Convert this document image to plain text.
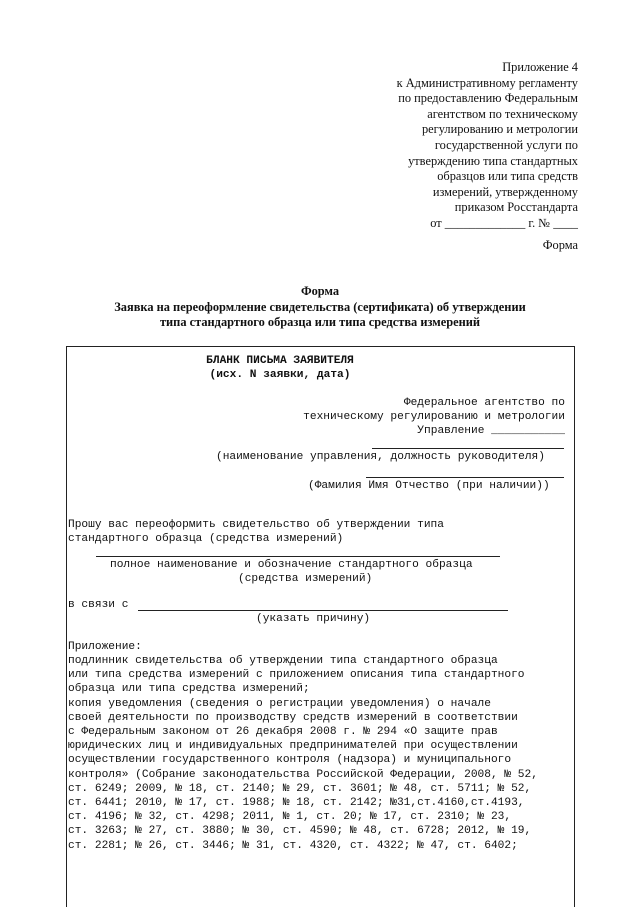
Приложение 4
к Административному регламенту
по предоставлению Федеральным
агентством по техническому
регулированию и метрологии
государственной услуги по
утверждению типа стандартных
образцов или типа средств
измерений, утвержденному
приказом Росстандарта
от _____________ г. № ____
Форма
Форма
Заявка на переоформление свидетельства (сертификата) об утверждении
типа стандартного образца или типа средства измерений
БЛАНК ПИСЬМА ЗАЯВИТЕЛЯ
(исх. N заявки, дата)
Федеральное агентство по
техническому регулированию и метрологии
Управление ___________
(наименование управления, должность руководителя)
(Фамилия Имя Отчество (при наличии))
Прошу вас переоформить свидетельство об утверждении типа
стандартного образца (средства измерений)
полное наименование и обозначение стандартного образца
(средства измерений)
в связи с
(указать причину)
Приложение:
подлинник свидетельства об утверждении типа стандартного образца
или типа средства измерений с приложением описания типа стандартного
образца или типа средства измерений;
копия уведомления (сведения о регистрации уведомления) о начале
своей деятельности по производству средств измерений в соответствии
с Федеральным законом от 26 декабря 2008 г. № 294 «О защите прав
юридических лиц и индивидуальных предпринимателей при осуществлении
осуществлении государственного контроля (надзора) и муниципального
контроля» (Собрание законодательства Российской Федерации, 2008, № 52,
ст. 6249; 2009, № 18, ст. 2140; № 29, ст. 3601; № 48, ст. 5711; № 52,
ст. 6441; 2010, № 17, ст. 1988; № 18, ст. 2142; №31,ст.4160,ст.4193,
ст. 4196; № 32, ст. 4298; 2011, № 1, ст. 20; № 17, ст. 2310; № 23,
ст. 3263; № 27, ст. 3880; № 30, ст. 4590; № 48, ст. 6728; 2012, № 19,
ст. 2281; № 26, ст. 3446; № 31, ст. 4320, ст. 4322; № 47, ст. 6402;
